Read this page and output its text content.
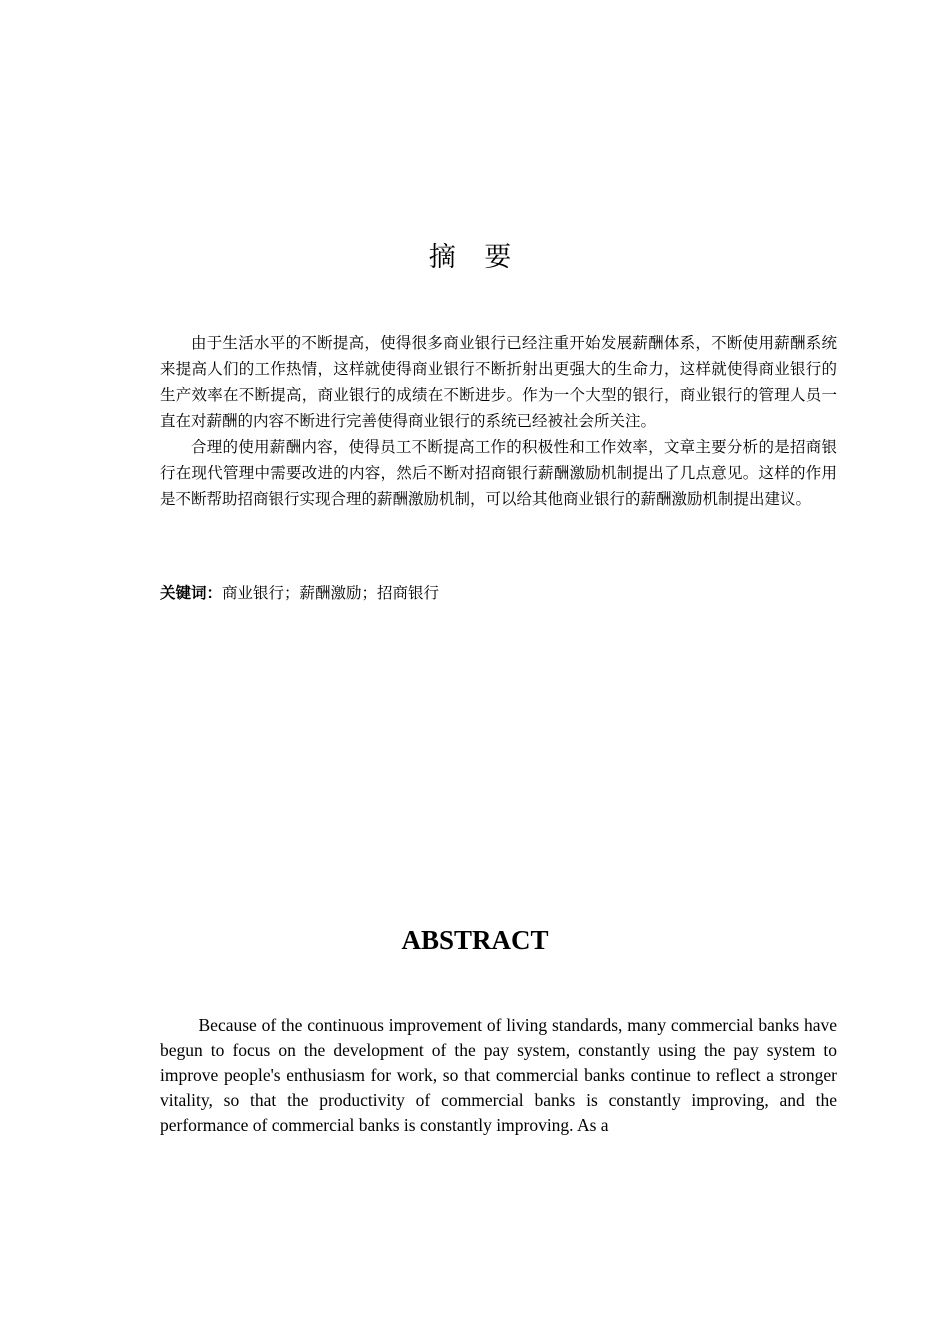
摘 要

由于生活水平的不断提高，使得很多商业银行已经注重开始发展薪酬体系，不断使用薪酬系统来提高人们的工作热情，这样就使得商业银行不断折射出更强大的生命力，这样就使得商业银行的生产效率在不断提高，商业银行的成绩在不断进步。作为一个大型的银行，商业银行的管理人员一直在对薪酬的内容不断进行完善使得商业银行的系统已经被社会所关注。

合理的使用薪酬内容，使得员工不断提高工作的积极性和工作效率，文章主要分析的是招商银行在现代管理中需要改进的内容，然后不断对招商银行薪酬激励机制提出了几点意见。这样的作用是不断帮助招商银行实现合理的薪酬激励机制，可以给其他商业银行的薪酬激励机制提出建议。

关键词：商业银行；薪酬激励；招商银行
ABSTRACT

Because of the continuous improvement of living standards, many commercial banks have begun to focus on the development of the pay system, constantly using the pay system to improve people's enthusiasm for work, so that commercial banks continue to reflect a stronger vitality, so that the productivity of commercial banks is constantly improving, and the performance of commercial banks is constantly improving. As a
